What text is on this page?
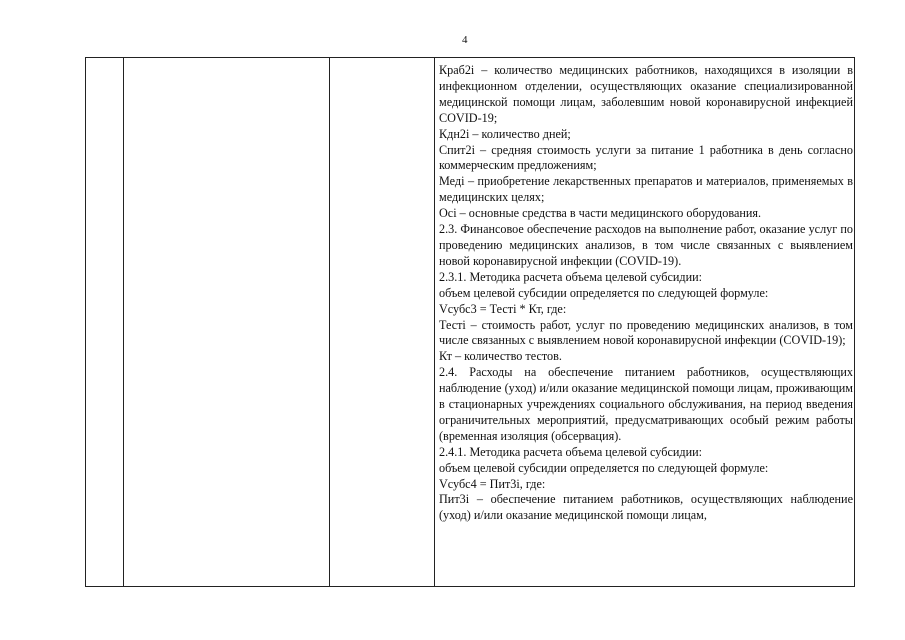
4

Краб2i – количество медицинских работников, находящихся в изоляции в инфекционном отделении, осуществляющих оказание специализированной медицинской помощи лицам, заболевшим новой коронавирусной инфекцией COVID-19;

Кдн2i – количество дней;

Спит2i – средняя стоимость услуги за питание 1 работника в день согласно коммерческим предложениям;

Медi – приобретение лекарственных препаратов и материалов, применяемых в медицинских целях;

Осi – основные средства в части медицинского оборудования.

2.3. Финансовое обеспечение расходов на выполнение работ, оказание услуг по проведению медицинских анализов, в том числе связанных с выявлением новой коронавирусной инфекции (COVID-19).

2.3.1. Методика расчета объема целевой субсидии:

объем целевой субсидии определяется по следующей формуле:

Vсубс3 = Тестi * Кт, где:

Тестi – стоимость работ, услуг по проведению медицинских анализов, в том числе связанных с выявлением новой коронавирусной инфекции (COVID-19);

Кт – количество тестов.

2.4. Расходы на обеспечение питанием работников, осуществляющих наблюдение (уход) и/или оказание медицинской помощи лицам, проживающим в стационарных учреждениях социального обслуживания, на период введения ограничительных мероприятий, предусматривающих особый режим работы (временная изоляция (обсервация).

2.4.1. Методика расчета объема целевой субсидии:

объем целевой субсидии определяется по следующей формуле:

Vсубс4 = Пит3i, где:

Пит3i – обеспечение питанием работников, осуществляющих наблюдение (уход) и/или оказание медицинской помощи лицам,
